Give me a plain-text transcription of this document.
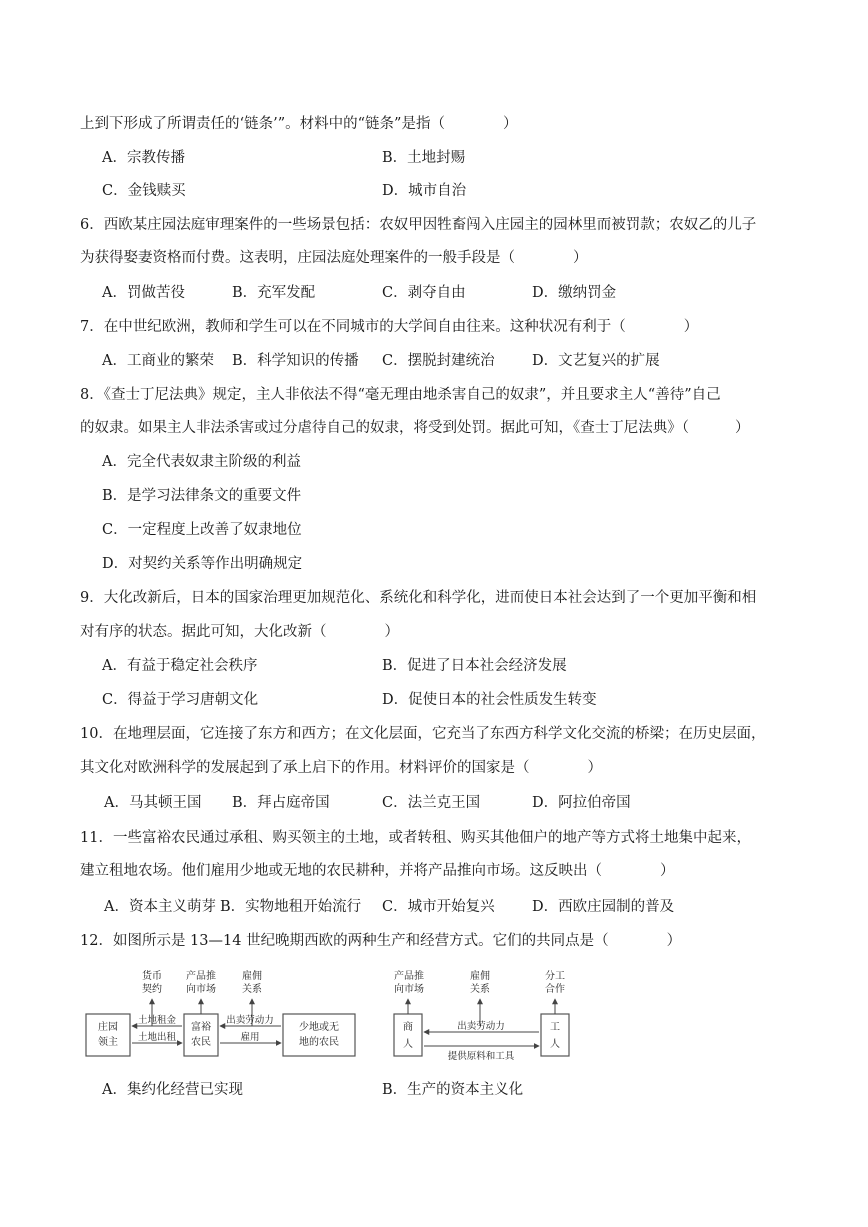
上到下形成了所谓责任的‘链条’”。材料中的“链条”是指（	）
A．宗教传播	B．土地封赐
C．金钱赎买	D．城市自治
6．西欧某庄园法庭审理案件的一些场景包括：农奴甲因牲畜闯入庄园主的园林里而被罚款；农奴乙的儿子
为获得娶妻资格而付费。这表明，庄园法庭处理案件的一般手段是（	）
A．罚做苦役	B．充军发配	C．剥夺自由	D．缴纳罚金
7．在中世纪欧洲，教师和学生可以在不同城市的大学间自由往来。这种状况有利于（	）
A．工商业的繁荣 B．科学知识的传播 C．摆脱封建统治	D．文艺复兴的扩展
8．《查士丁尼法典》规定，主人非依法不得“毫无理由地杀害自己的奴隶”，并且要求主人“善待”自己
的奴隶。如果主人非法杀害或过分虐待自己的奴隶，将受到处罚。据此可知，《查士丁尼法典》（	）
A．完全代表奴隶主阶级的利益
B．是学习法律条文的重要文件
C．一定程度上改善了奴隶地位
D．对契约关系等作出明确规定
9．大化改新后，日本的国家治理更加规范化、系统化和科学化，进而使日本社会达到了一个更加平衡和相
对有序的状态。据此可知，大化改新（	）
A．有益于稳定社会秩序	B．促进了日本社会经济发展
C．得益于学习唐朝文化	D．促使日本的社会性质发生转变
10．在地理层面，它连接了东方和西方；在文化层面，它充当了东西方科学文化交流的桥梁；在历史层面，
其文化对欧洲科学的发展起到了承上启下的作用。材料评价的国家是（	）
A．马其顿王国 B．拜占庭帝国	C．法兰克王国	D．阿拉伯帝国
11．一些富裕农民通过承租、购买领主的土地，或者转租、购买其他佃户的地产等方式将土地集中起来，
建立租地农场。他们雇用少地或无地的农民耕种，并将产品推向市场。这反映出（	）
A．资本主义萌芽 B．实物地租开始流行 C．城市开始复兴	D．西欧庄园制的普及
12．如图所示是 13—14 世纪晚期西欧的两种生产和经营方式。它们的共同点是（	）
庄园
领主
富裕
农民
少地或无
地的农民
货币
契约
产品推
向市场
雇佣
关系
土地租金
土地出租
出卖劳动力
雇用
商
人
工
人
产品推
向市场
雇佣
关系
分工
合作
出卖劳动力
提供原料和工具
A．集约化经营已实现	B．生产的资本主义化
